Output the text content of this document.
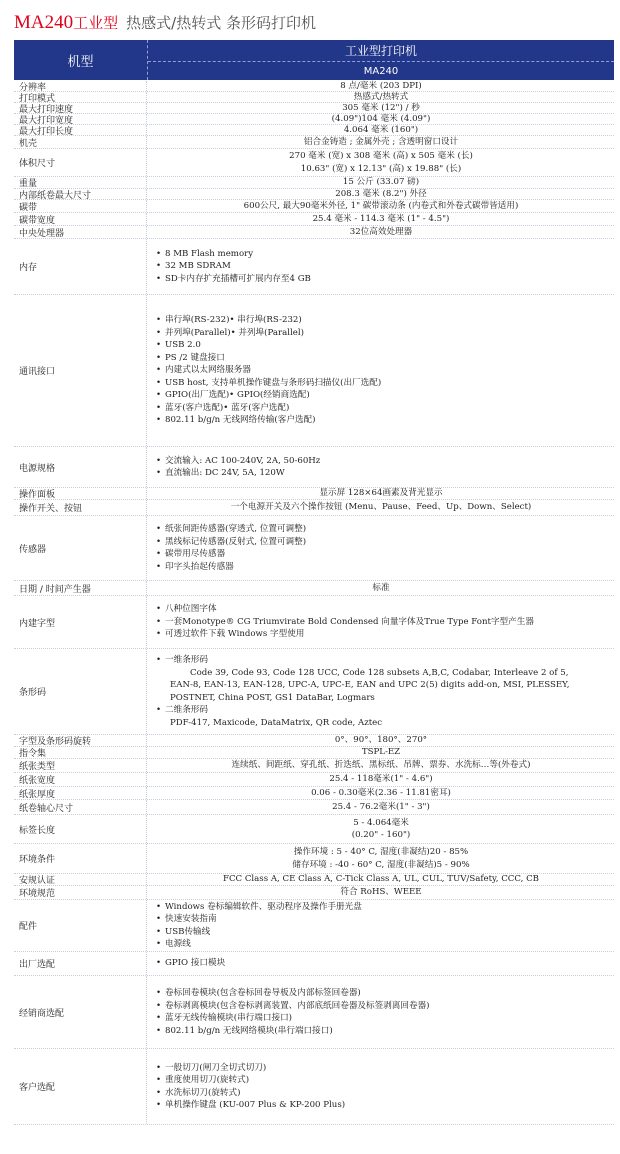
MA240工业型 热感式/热转式 条形码打印机
机型
工业型打印机
MA240
分辨率	8 点/毫米 (203 DPI)
打印模式	热感式/热转式
最大打印速度	305 毫米 (12") / 秒
最大打印宽度	(4.09")104 毫米 (4.09")
最大打印长度	4.064 毫米 (160")
机壳	铝合金铸造 ; 金属外壳 ; 含透明窗口设计
体积尺寸
270 毫米 (宽) x 308 毫米 (高) x 505 毫米 (长)
10.63" (宽) x 12.13" (高) x 19.88" (长)
重量	15 公斤 (33.07 磅)
内部纸卷最大尺寸	208.3 毫米 (8.2") 外径
碳带	600公尺, 最大90毫米外径, 1" 碳带滚动条 (内卷式和外卷式碳带皆适用)
碳带宽度	25.4 毫米 - 114.3 毫米 (1" - 4.5")
中央处理器	32位高效处理器
内存
• 8 MB Flash memory
• 32 MB SDRAM
• SD卡内存扩充插槽可扩展内存至4 GB
通讯接口
• 串行埠(RS-232)• 串行埠(RS-232)
• 并列埠(Parallel)• 并列埠(Parallel)
• USB 2.0
• PS /2 键盘接口
• 内建式以太网络服务器
• USB host, 支持单机操作键盘与条形码扫描仪(出厂选配)
• GPIO(出厂选配)• GPIO(经销商选配)
• 蓝牙(客户选配)• 蓝牙(客户选配)
• 802.11 b/g/n 无线网络传输(客户选配)
电源规格
• 交流输入: AC 100-240V, 2A, 50-60Hz
• 直流输出: DC 24V, 5A, 120W
操作面板	显示屏 128×64画素及背光显示
操作开关、按钮	一个电源开关及六个操作按钮 (Menu、Pause、Feed、Up、Down、Select)
传感器
• 纸张间距传感器(穿透式, 位置可调整)
• 黑线标记传感器(反射式, 位置可调整)
• 碳带用尽传感器
• 印字头抬起传感器
日期 / 时间产生器	标准
内建字型
• 八种位图字体
• 一套Monotype® CG Triumvirate Bold Condensed 向量字体及True Type Font字型产生器
• 可透过软件下载 Windows 字型使用
条形码
• 一维条形码
Code 39, Code 93, Code 128 UCC, Code 128 subsets A,B,C, Codabar, Interleave 2 of 5,
EAN-8, EAN-13, EAN-128, UPC-A, UPC-E, EAN and UPC 2(5) digits add-on, MSI, PLESSEY,
POSTNET, China POST, GS1 DataBar, Logmars
• 二维条形码
PDF-417, Maxicode, DataMatrix, QR code, Aztec
字型及条形码旋转	0°、90°、180°、270°
指令集	TSPL-EZ
纸张类型	连续纸、间距纸、穿孔纸、折迭纸、黑标纸、吊牌、票券、水洗标…等(外卷式)
纸张宽度	25.4 - 118毫米(1" - 4.6")
纸张厚度	0.06 - 0.30毫米(2.36 - 11.81密耳)
纸卷轴心尺寸	25.4 - 76.2毫米(1" - 3")
标签长度
5 - 4.064毫米
(0.20" - 160")
环境条件
操作环境 : 5 - 40° C, 湿度(非凝结)20 - 85%
储存环境 : -40 - 60° C, 湿度(非凝结)5 - 90%
安规认证	FCC Class A, CE Class A, C-Tick Class A, UL, CUL, TUV/Safety, CCC, CB
环境规范	符合 RoHS、WEEE
配件
• Windows 卷标编辑软件、驱动程序及操作手册光盘
• 快速安装指南
• USB传输线
• 电源线
出厂选配
•	GPIO 接口模块
经销商选配
• 卷标回卷模块(包含卷标回卷导板及内部标签回卷器)
• 卷标剥离模块(包含卷标剥离装置、内部底纸回卷器及标签剥离回卷器)
• 蓝牙无线传输模块(串行端口接口)
• 802.11 b/g/n 无线网络模块(串行端口接口)
客户选配
• 一般切刀(闸刀全切式切刀)
• 重度使用切刀(旋转式)
• 水洗标切刀(旋转式)
• 单机操作键盘 (KU-007 Plus & KP-200 Plus)
